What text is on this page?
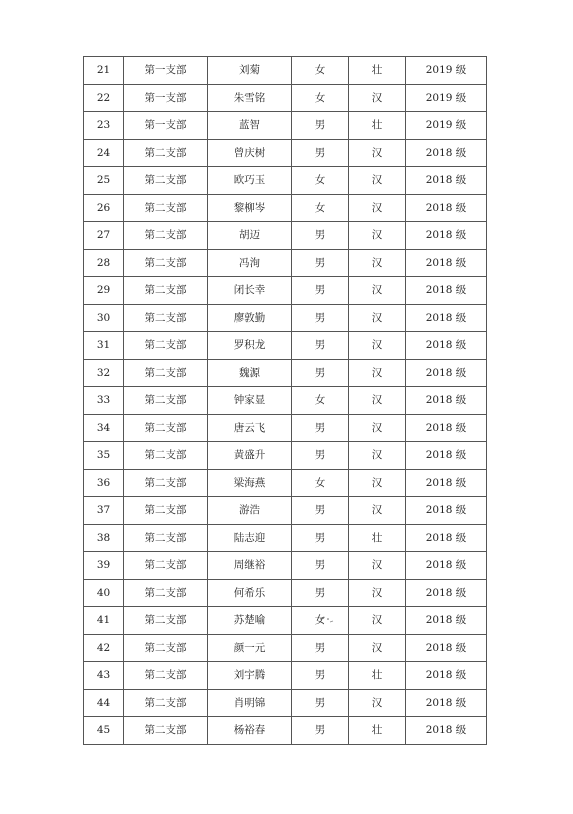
21	第一支部	刘菊	女	壮	2019 级
22	第一支部	朱雪铭	女	汉	2019 级
23	第一支部	蓝智	男	壮	2019 级
24	第二支部	曾庆树	男	汉	2018 级
25	第二支部	欧巧玉	女	汉	2018 级
26	第二支部	黎柳岑	女	汉	2018 级
27	第二支部	胡迈	男	汉	2018 级
28	第二支部	冯洵	男	汉	2018 级
29	第二支部	闭长幸	男	汉	2018 级
30	第二支部	廖敦勤	男	汉	2018 级
31	第二支部	罗积龙	男	汉	2018 级
32	第二支部	魏源	男	汉	2018 级
33	第二支部	钟家显	女	汉	2018 级
34	第二支部	唐云飞	男	汉	2018 级
35	第二支部	黄盛升	男	汉	2018 级
36	第二支部	梁海燕	女	汉	2018 级
37	第二支部	游浩	男	汉	2018 级
38	第二支部	陆志迎	男	壮	2018 级
39	第二支部	周继裕	男	汉	2018 级
40	第二支部	何希乐	男	汉	2018 级
41	第二支部	苏楚喻	女	汉	2018 级
42	第二支部	颜一元	男	汉	2018 级
43	第二支部	刘宇腾	男	壮	2018 级
44	第二支部	肖明锦	男	汉	2018 级
45	第二支部	杨裕春	男	壮	2018 级
